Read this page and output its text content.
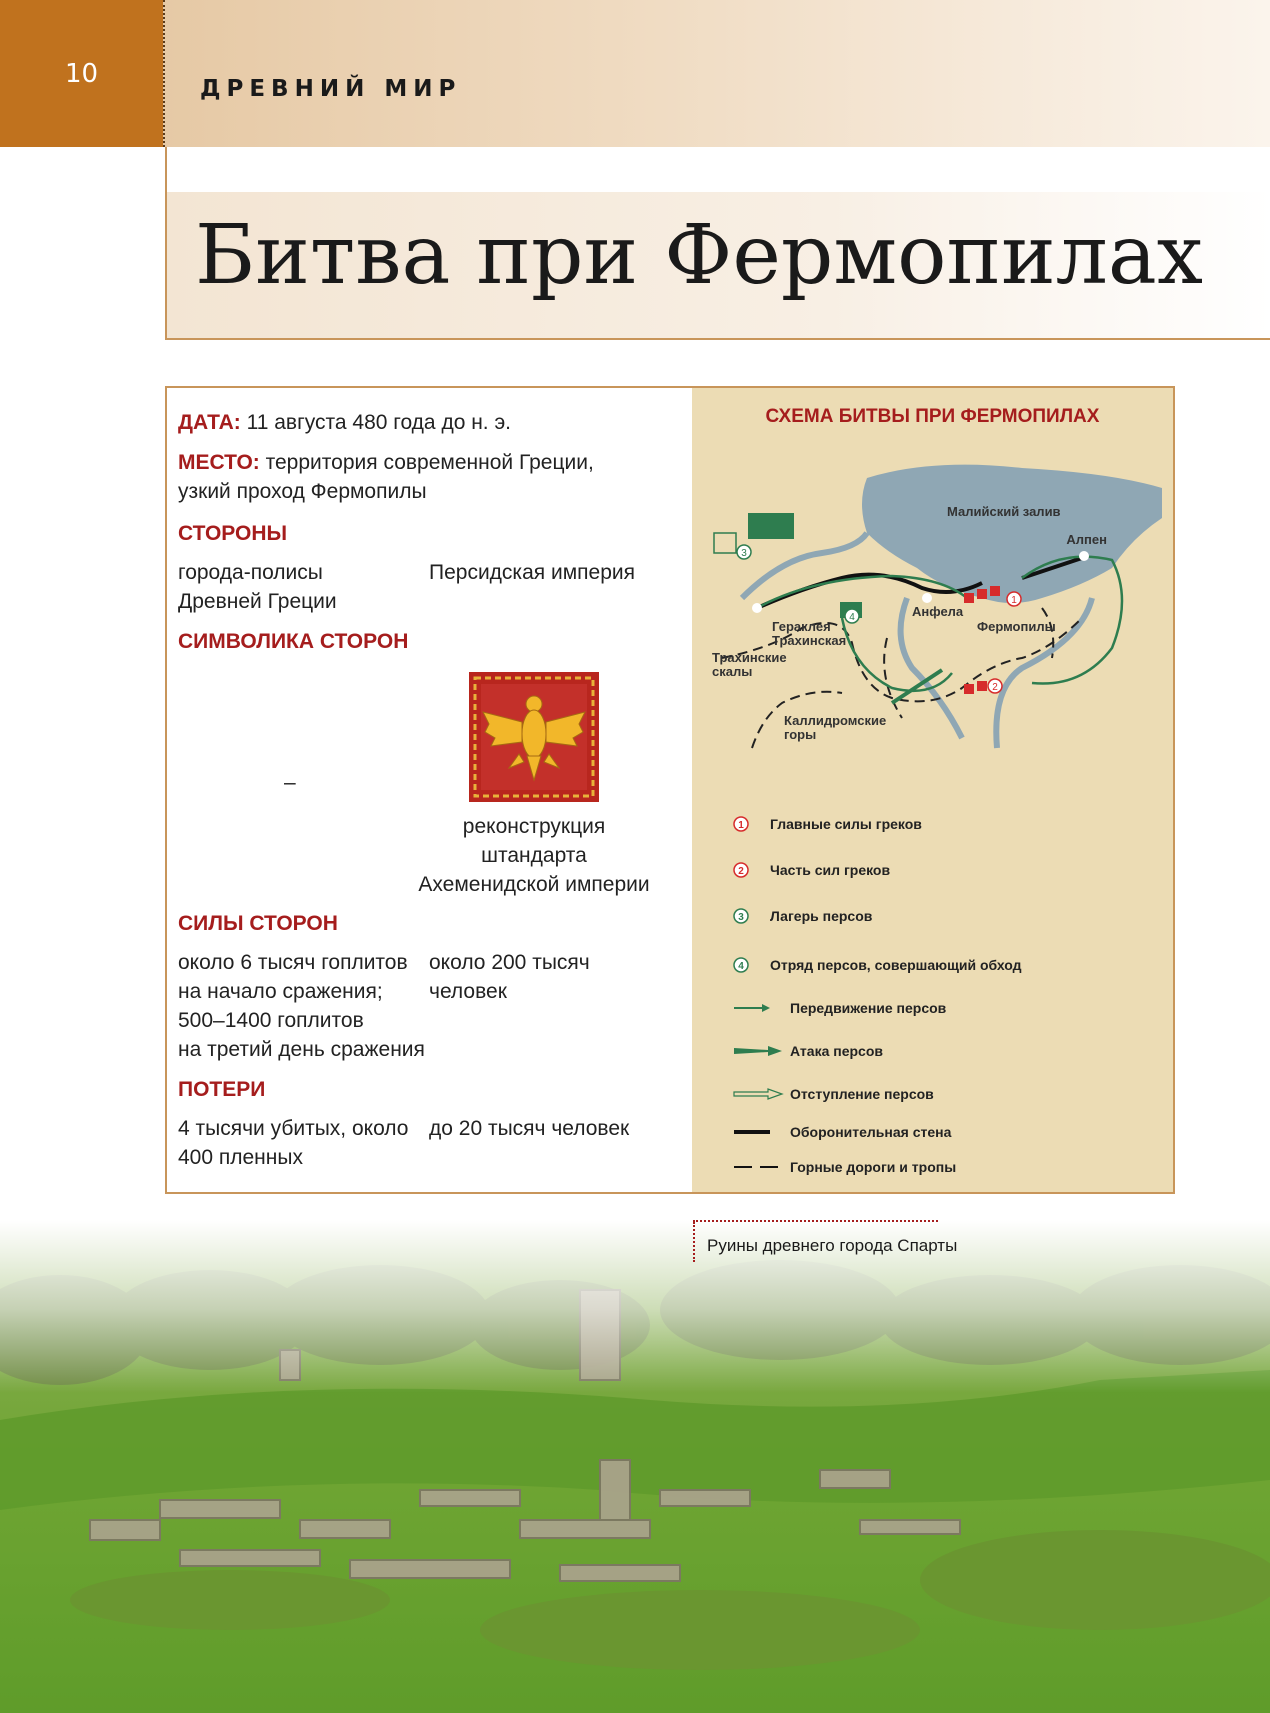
10
ДРЕВНИЙ МИР
Битва при Фермопилах
ДАТА: 11 августа 480 года до н. э.
МЕСТО: территория современной Греции,
узкий проход Фермопилы
СТОРОНЫ
города-полисы
Древней Греции
Персидская империя
СИМВОЛИКА СТОРОН
–
реконструкция
штандарта
Ахеменидской империи
СИЛЫ СТОРОН
около 6 тысяч гоплитов
на начало сражения;
500–1400 гоплитов
на третий день сражения
около 200 тысяч
человек
ПОТЕРИ
4 тысячи убитых, около
400 пленных
до 20 тысяч человек
СХЕМА БИТВЫ ПРИ ФЕРМОПИЛАХ
1
2
3
4
Малийский залив
Алпен
Анфела
Фермопилы
Гераклея
Трахинская
Трахинские
скалы
Каллидромские
горы
1 Главные силы греков
2 Часть сил греков
3 Лагерь персов
4 Отряд персов, совершающий обход
Передвижение персов
Атака персов
Отступление персов
Оборонительная стена
Горные дороги и тропы
Руины древнего города Спарты
